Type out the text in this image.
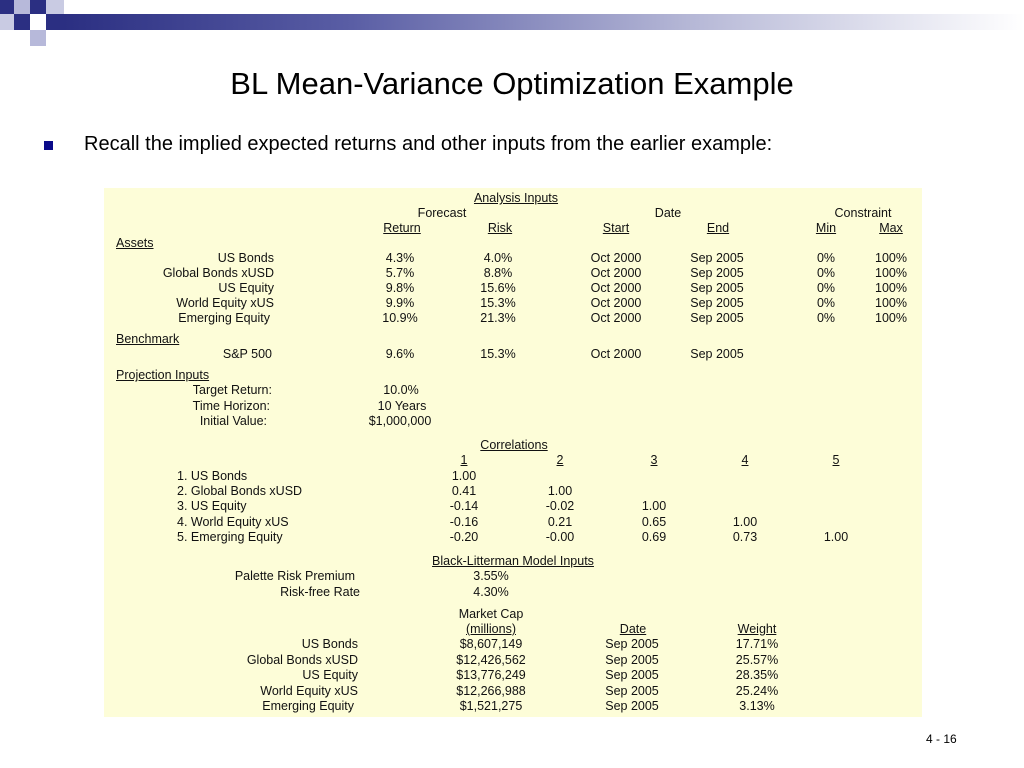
BL Mean-Variance Optimization Example
Recall the implied expected returns and other inputs from the earlier example:
Analysis Inputs
Forecast	Date	Constraint
Return	Risk	Start	End	Min	Max
Assets
US Bonds	4.3%	4.0%	Oct 2000	Sep 2005	0%	100%
Global Bonds xUSD	5.7%	8.8%	Oct 2000	Sep 2005	0%	100%
US Equity	9.8%	15.6%	Oct 2000	Sep 2005	0%	100%
World Equity xUS	9.9%	15.3%	Oct 2000	Sep 2005	0%	100%
Emerging Equity	10.9%	21.3%	Oct 2000	Sep 2005	0%	100%
Benchmark
S&P 500	9.6%	15.3%	Oct 2000	Sep 2005
Projection Inputs
Target Return:	10.0%
Time Horizon:	10 Years
Initial Value:	$1,000,000
Correlations
1	2	3	4	5
1. US Bonds	1.00
2. Global Bonds xUSD	0.41	1.00
3. US Equity	-0.14	-0.02	1.00
4. World Equity xUS	-0.16	0.21	0.65	1.00
5. Emerging Equity	-0.20	-0.00	0.69	0.73	1.00
Black-Litterman Model Inputs
Palette Risk Premium	3.55%
Risk-free Rate	4.30%
Market Cap
(millions)	Date	Weight
US Bonds	$8,607,149	Sep 2005	17.71%
Global Bonds xUSD	$12,426,562	Sep 2005	25.57%
US Equity	$13,776,249	Sep 2005	28.35%
World Equity xUS	$12,266,988	Sep 2005	25.24%
Emerging Equity	$1,521,275	Sep 2005	3.13%
4 - 16
